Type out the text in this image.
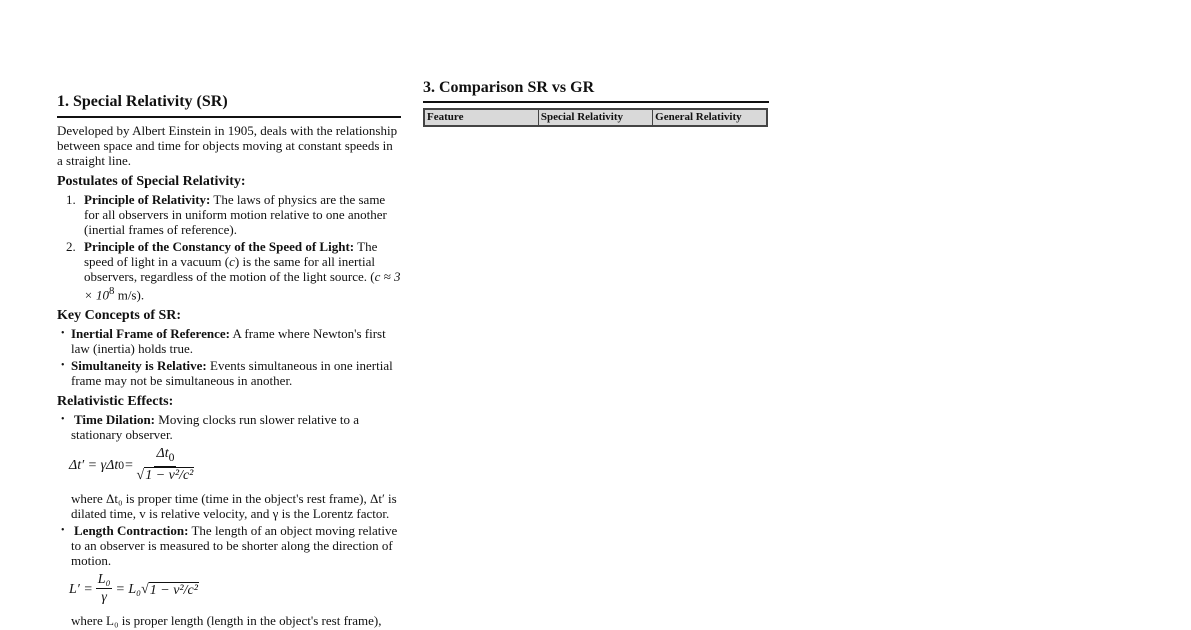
1. Special Relativity (SR)

Developed by Albert Einstein in 1905, deals with the relationship between space and time for objects moving at constant speeds in a straight line.

Postulates of Special Relativity:
1. Principle of Relativity: The laws of physics are the same for all observers in uniform motion relative to one another (inertial frames of reference).
2. Principle of the Constancy of the Speed of Light: The speed of light in a vacuum (c) is the same for all inertial observers, regardless of the motion of the light source. ($c \approx 3 \times 10^8$ m/s).
Key Concepts of SR:
• Inertial Frame of Reference: A frame where Newton's first law (inertia) holds true.
• Simultaneity is Relative: Events simultaneous in one inertial frame may not be simultaneous in another.
Relativistic Effects:
• Time Dilation: Moving clocks run slower relative to a stationary observer.
Δt′ = γΔt $0 = \frac{\Delta t_0}{\text{√1 − v²/c²}}$
where Δt₀ is proper time (time in the object's rest frame), Δt′ is dilated time, v is relative velocity, and γ is the Lorentz factor.
• Length Contraction: The length of an object moving relative to an observer is measured to be shorter along the direction of motion.
$L' = \frac{\text{L₀}}{\gamma} = L_0$ √ 1 − v²/c²
where L₀ is proper length (length in the object's rest frame),
3. Comparison SR vs GR
Feature	Special Relativity	General Relativity
